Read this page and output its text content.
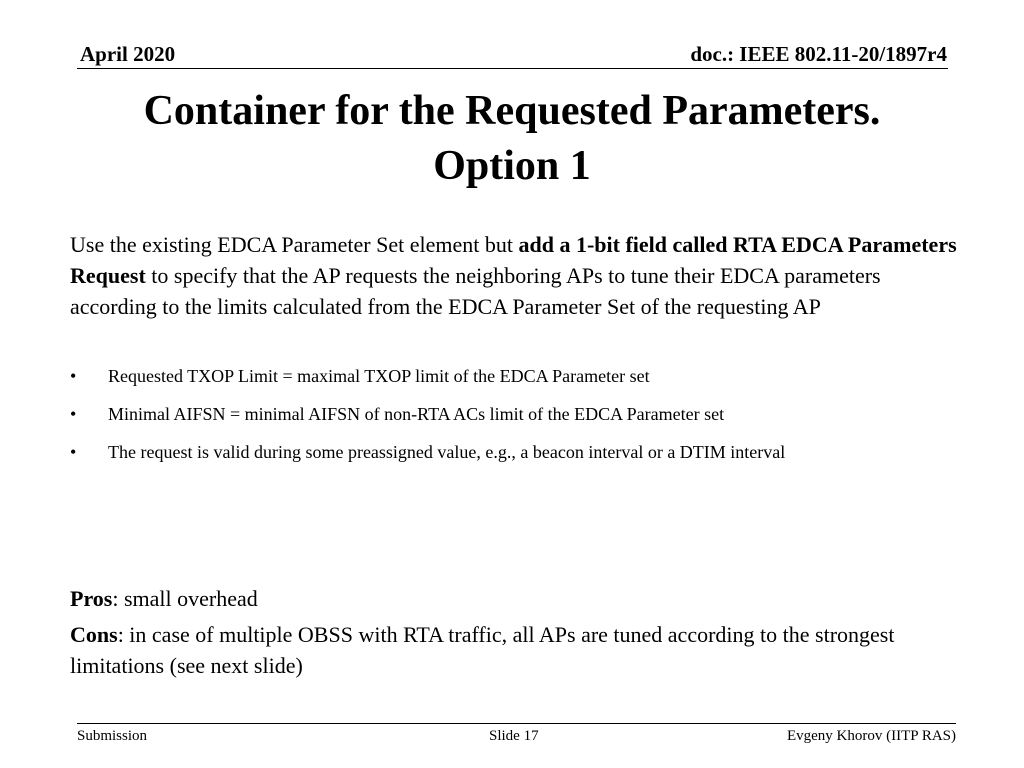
April 2020	doc.: IEEE 802.11-20/1897r4
Container for the Requested Parameters.
Option 1

Use the existing EDCA Parameter Set element but add a 1-bit field called RTA EDCA Parameters Request to specify that the AP requests the neighboring APs to tune their EDCA parameters according to the limits calculated from the EDCA Parameter Set of the requesting AP

• Requested TXOP Limit = maximal TXOP limit of the EDCA Parameter set
• Minimal AIFSN = minimal AIFSN of non-RTA ACs limit of the EDCA Parameter set
• The request is valid during some preassigned value, e.g., a beacon interval or a DTIM interval

Pros: small overhead

Cons: in case of multiple OBSS with RTA traffic, all APs are tuned according to the strongest limitations (see next slide)

Submission	Slide 17	Evgeny Khorov (IITP RAS)
